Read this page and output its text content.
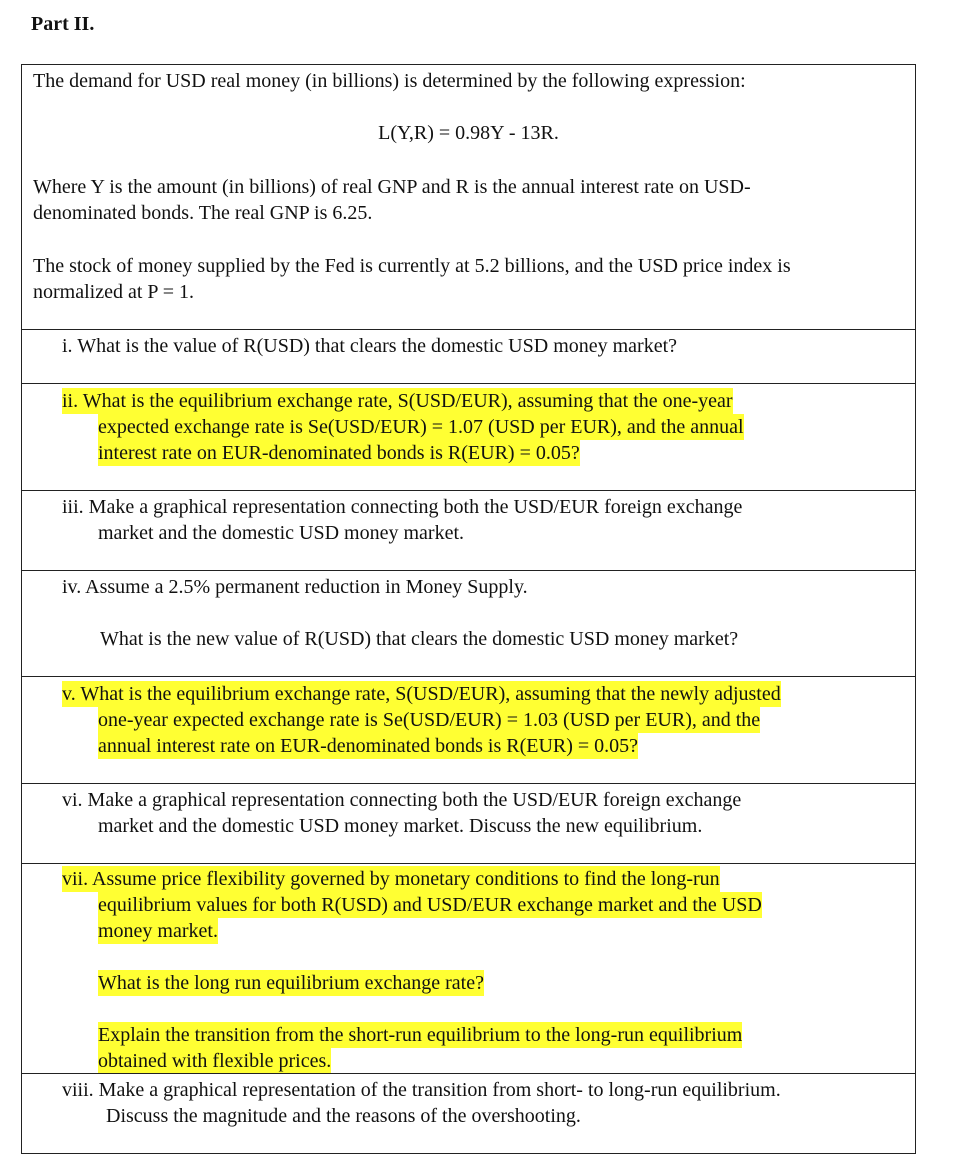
Part II.
The demand for USD real money (in billions) is determined by the following expression:
L(Y,R) = 0.98Y - 13R.
Where Y is the amount (in billions) of real GNP and R is the annual interest rate on USD-
denominated bonds. The real GNP is 6.25.
The stock of money supplied by the Fed is currently at 5.2 billions, and the USD price index is
normalized at P = 1.
i. What is the value of R(USD) that clears the domestic USD money market?
ii. What is the equilibrium exchange rate, S(USD/EUR), assuming that the one-year
expected exchange rate is Se(USD/EUR) = 1.07 (USD per EUR), and the annual
interest rate on EUR-denominated bonds is R(EUR) = 0.05?
iii. Make a graphical representation connecting both the USD/EUR foreign exchange
market and the domestic USD money market.
iv. Assume a 2.5% permanent reduction in Money Supply.
What is the new value of R(USD) that clears the domestic USD money market?
v. What is the equilibrium exchange rate, S(USD/EUR), assuming that the newly adjusted
one-year expected exchange rate is Se(USD/EUR) = 1.03 (USD per EUR), and the
annual interest rate on EUR-denominated bonds is R(EUR) = 0.05?
vi. Make a graphical representation connecting both the USD/EUR foreign exchange
market and the domestic USD money market. Discuss the new equilibrium.
vii. Assume price flexibility governed by monetary conditions to find the long-run
equilibrium values for both R(USD) and USD/EUR exchange market and the USD
money market.
What is the long run equilibrium exchange rate?
Explain the transition from the short-run equilibrium to the long-run equilibrium
obtained with flexible prices.
viii. Make a graphical representation of the transition from short- to long-run equilibrium.
Discuss the magnitude and the reasons of the overshooting.
